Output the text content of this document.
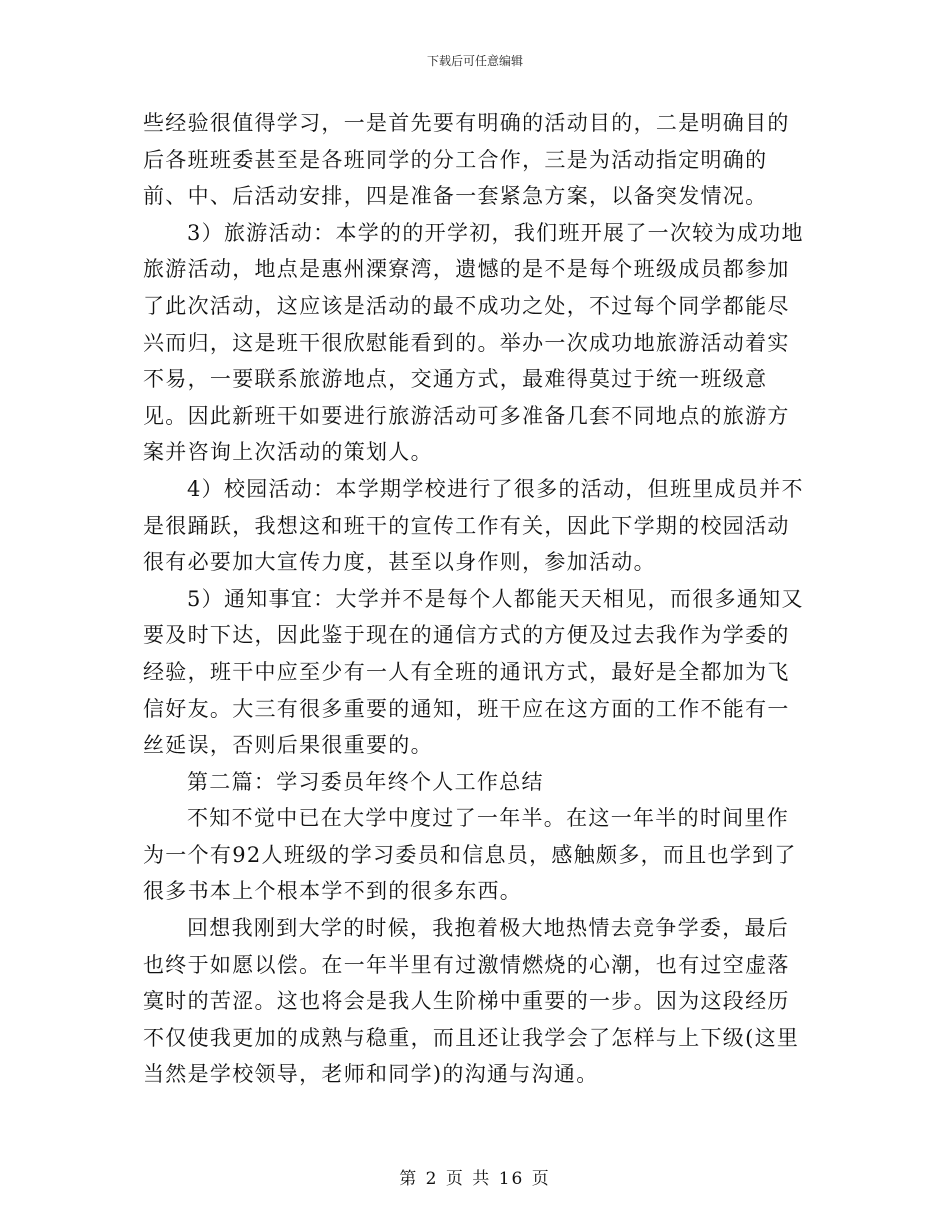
下载后可任意编辑

些经验很值得学习，一是首先要有明确的活动目的，二是明确目的后各班班委甚至是各班同学的分工合作，三是为活动指定明确的前、中、后活动安排，四是准备一套紧急方案，以备突发情况。

3）旅游活动：本学的的开学初，我们班开展了一次较为成功地旅游活动，地点是惠州溧寮湾，遗憾的是不是每个班级成员都参加了此次活动，这应该是活动的最不成功之处，不过每个同学都能尽兴而归，这是班干很欣慰能看到的。举办一次成功地旅游活动着实不易，一要联系旅游地点，交通方式，最难得莫过于统一班级意见。因此新班干如要进行旅游活动可多准备几套不同地点的旅游方案并咨询上次活动的策划人。

4）校园活动：本学期学校进行了很多的活动，但班里成员并不是很踊跃，我想这和班干的宣传工作有关，因此下学期的校园活动很有必要加大宣传力度，甚至以身作则，参加活动。

5）通知事宜：大学并不是每个人都能天天相见，而很多通知又要及时下达，因此鉴于现在的通信方式的方便及过去我作为学委的经验，班干中应至少有一人有全班的通讯方式，最好是全都加为飞信好友。大三有很多重要的通知，班干应在这方面的工作不能有一丝延误，否则后果很重要的。

第二篇：学习委员年终个人工作总结

不知不觉中已在大学中度过了一年半。在这一年半的时间里作为一个有92人班级的学习委员和信息员，感触颇多，而且也学到了很多书本上个根本学不到的很多东西。

回想我刚到大学的时候，我抱着极大地热情去竞争学委，最后也终于如愿以偿。在一年半里有过激情燃烧的心潮，也有过空虚落寞时的苦涩。这也将会是我人生阶梯中重要的一步。因为这段经历不仅使我更加的成熟与稳重，而且还让我学会了怎样与上下级(这里当然是学校领导，老师和同学)的沟通与沟通。

第 2 页 共 16 页
